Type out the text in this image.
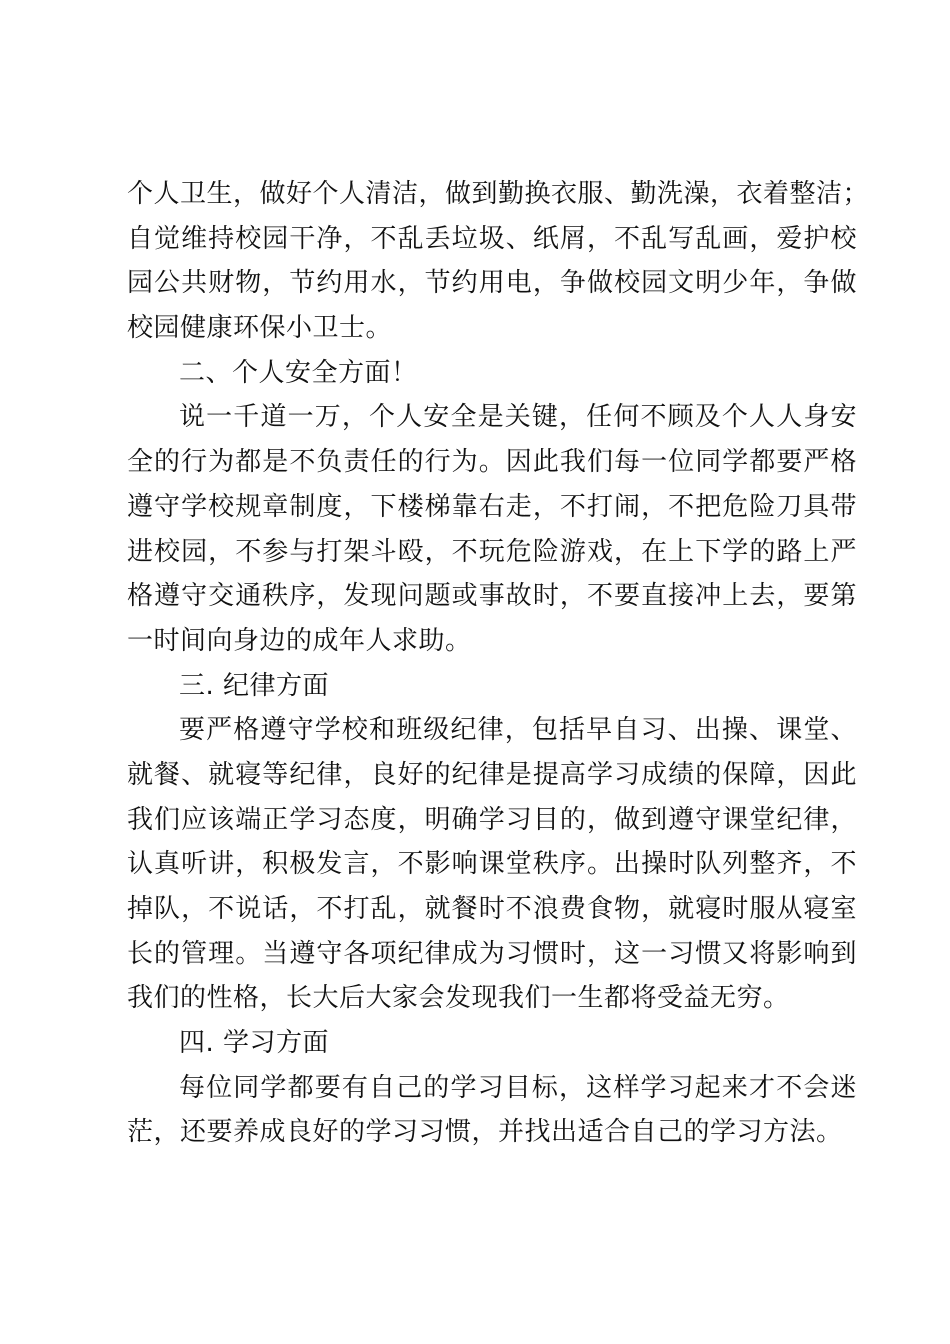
个人卫生，做好个人清洁，做到勤换衣服、勤洗澡，衣着整洁；
自觉维持校园干净，不乱丢垃圾、纸屑，不乱写乱画，爱护校
园公共财物，节约用水，节约用电，争做校园文明少年，争做
校园健康环保小卫士。
二、个人安全方面！
说一千道一万，个人安全是关键，任何不顾及个人人身安
全的行为都是不负责任的行为。因此我们每一位同学都要严格
遵守学校规章制度，下楼梯靠右走，不打闹，不把危险刀具带
进校园，不参与打架斗殴，不玩危险游戏，在上下学的路上严
格遵守交通秩序，发现问题或事故时，不要直接冲上去，要第
一时间向身边的成年人求助。
三. 纪律方面
要严格遵守学校和班级纪律，包括早自习、出操、课堂、
就餐、就寝等纪律，良好的纪律是提高学习成绩的保障，因此
我们应该端正学习态度，明确学习目的，做到遵守课堂纪律，
认真听讲，积极发言，不影响课堂秩序。出操时队列整齐，不
掉队，不说话，不打乱，就餐时不浪费食物，就寝时服从寝室
长的管理。当遵守各项纪律成为习惯时，这一习惯又将影响到
我们的性格，长大后大家会发现我们一生都将受益无穷。
四. 学习方面
每位同学都要有自己的学习目标，这样学习起来才不会迷
茫，还要养成良好的学习习惯，并找出适合自己的学习方法。
